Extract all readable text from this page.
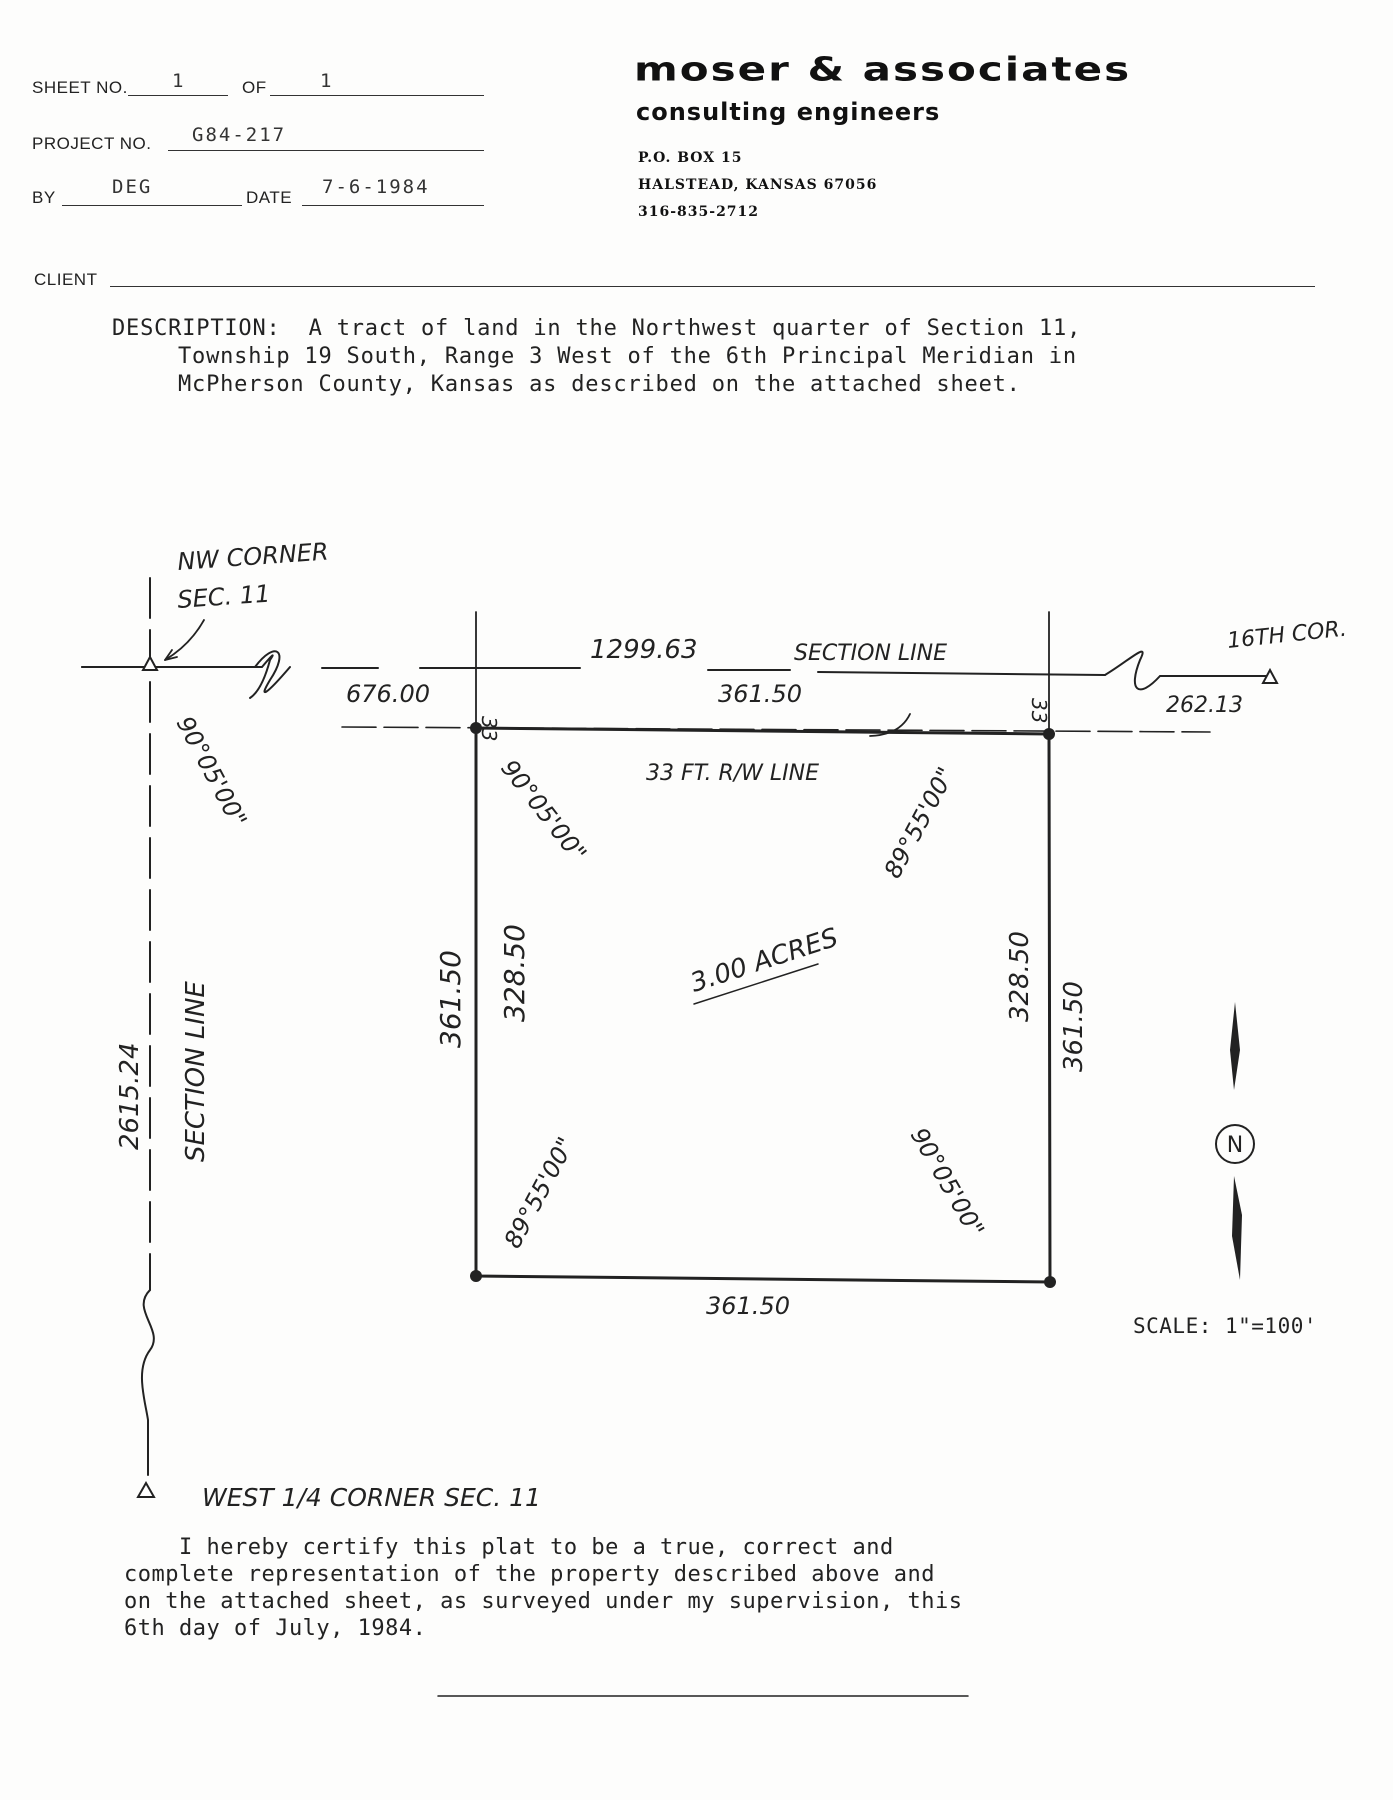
SHEET NO. 1	OF	1
PROJECT NO. G84-217
BY	DEG	DATE 7-6-1984
CLIENT
moser & associates
consulting engineers
P.O. BOX 15
HALSTEAD, KANSAS 67056
316-835-2712
DESCRIPTION:  A tract of land in the Northwest quarter of Section 11,
Township 19 South, Range 3 West of the 6th Principal Meridian in
McPherson County, Kansas as described on the attached sheet.
N
NW CORNER
SEC. 11
1299.63	SECTION LINE	16TH COR.
676.00	361.50	262.13
33
33
33 FT. R/W LINE
90°05'00"	90°05'00"	89°55'00"
89°55'00"	90°05'00"
2615.24 SECTION LINE	361.50 328.50	328.50
361.50
3.00 ACRES
361.50
WEST 1/4 CORNER SEC. 11
SCALE: 1"=100'
I hereby certify this plat to be a true, correct and
complete representation of the property described above and
on the attached sheet, as surveyed under my supervision, this
6th day of July, 1984.
